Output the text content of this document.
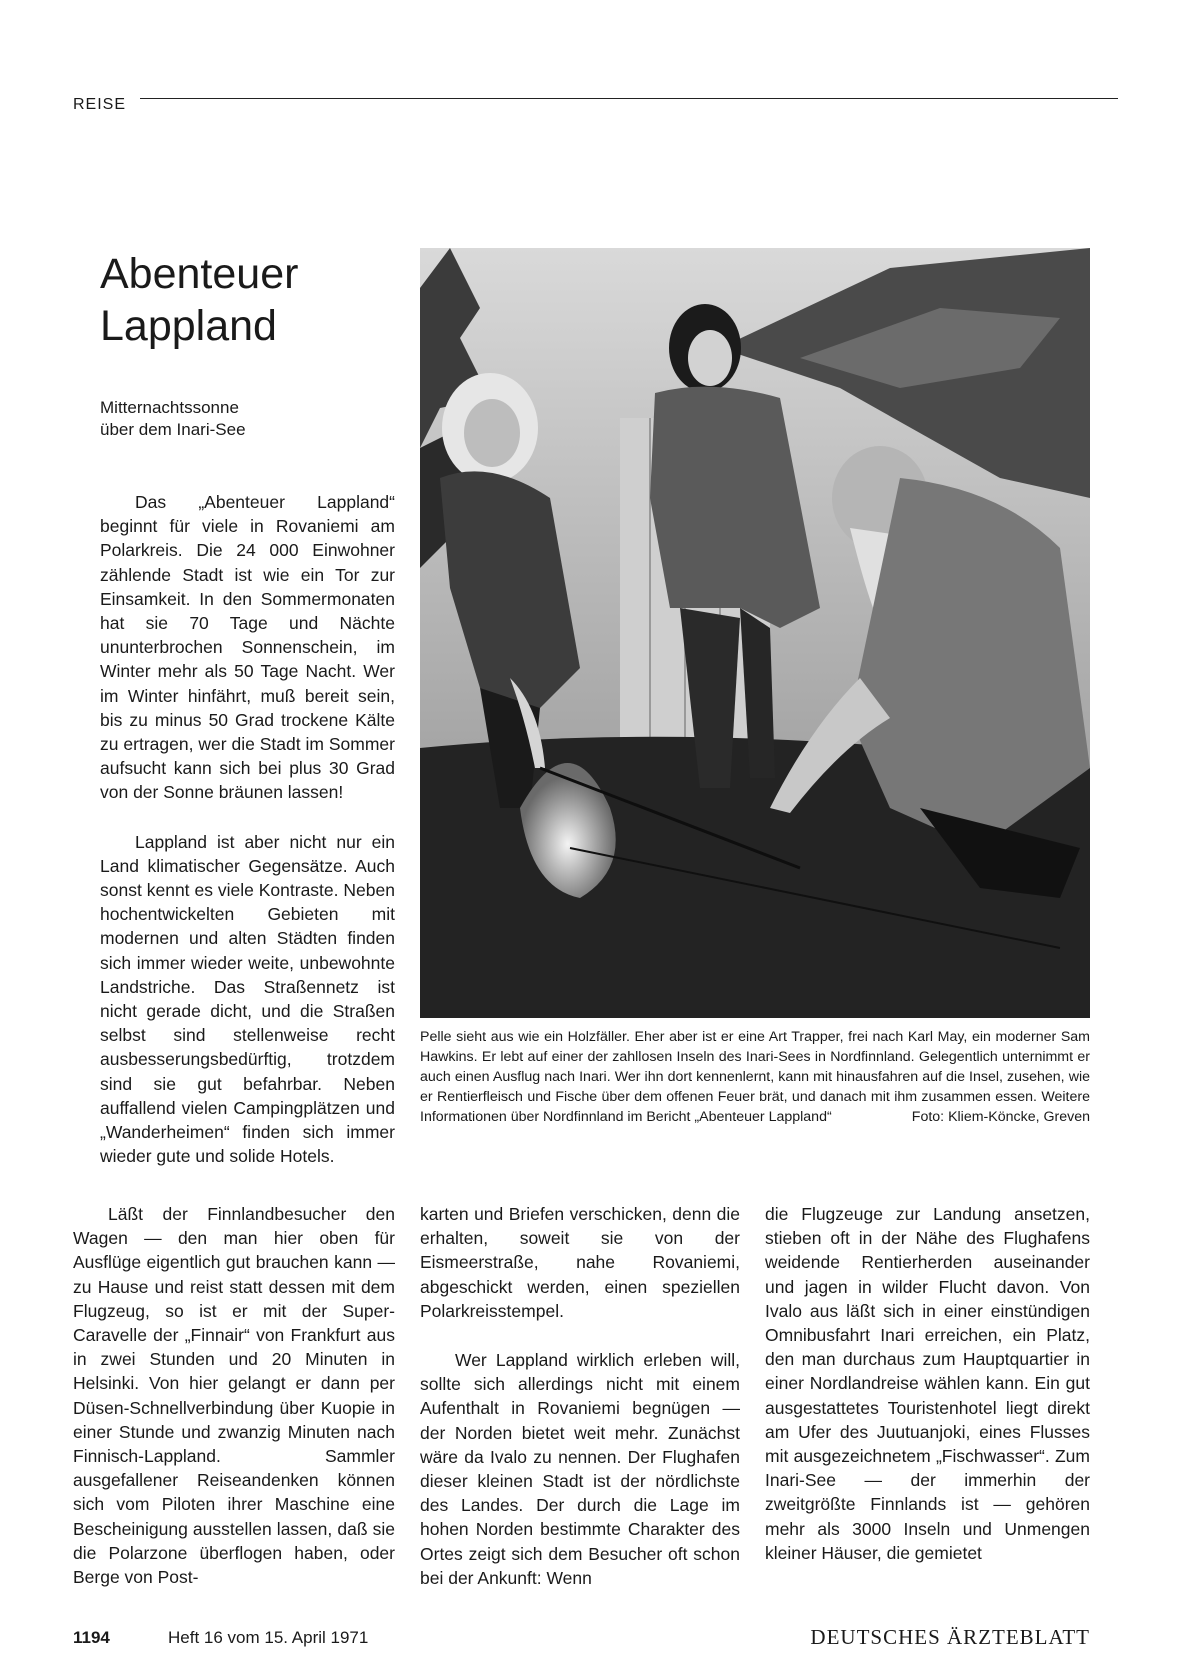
REISE
Abenteuer
Lappland
Mitternachtssonne
über dem Inari-See

Das „Abenteuer Lappland“ beginnt für viele in Rovaniemi am Polarkreis. Die 24 000 Einwohner zählende Stadt ist wie ein Tor zur Einsamkeit. In den Sommermonaten hat sie 70 Tage und Nächte ununterbrochen Sonnenschein, im Winter mehr als 50 Tage Nacht. Wer im Winter hinfährt, muß bereit sein, bis zu minus 50 Grad trockene Kälte zu ertragen, wer die Stadt im Sommer aufsucht kann sich bei plus 30 Grad von der Sonne bräunen lassen!

Lappland ist aber nicht nur ein Land klimatischer Gegensätze. Auch sonst kennt es viele Kontraste. Neben hochentwickelten Gebieten mit modernen und alten Städten finden sich immer wieder weite, unbewohnte Landstriche. Das Straßennetz ist nicht gerade dicht, und die Straßen selbst sind stellenweise recht ausbesserungsbedürftig, trotzdem sind sie gut befahrbar. Neben auffallend vielen Campingplätzen und „Wanderheimen“ finden sich immer wieder gute und solide Hotels.

Pelle sieht aus wie ein Holzfäller. Eher aber ist er eine Art Trapper, frei nach Karl May, ein moderner Sam Hawkins. Er lebt auf einer der zahllosen Inseln des Inari-Sees in Nordfinnland. Gelegentlich unternimmt er auch einen Ausflug nach Inari. Wer ihn dort kennenlernt, kann mit hinausfahren auf die Insel, zusehen, wie er Rentierfleisch und Fische über dem offenen Feuer brät, und danach mit ihm zusammen essen. Weitere Informationen über Nordfinnland im Bericht „Abenteuer Lappland“	Foto: Kliem-Köncke, Greven

Läßt der Finnlandbesucher den Wagen — den man hier oben für Ausflüge eigentlich gut brauchen kann — zu Hause und reist statt dessen mit dem Flugzeug, so ist er mit der Super-Caravelle der „Finnair“ von Frankfurt aus in zwei Stunden und 20 Minuten in Helsinki. Von hier gelangt er dann per Düsen-Schnellverbindung über Kuopie in einer Stunde und zwanzig Minuten nach Finnisch-Lappland. Sammler ausgefallener Reiseandenken können sich vom Piloten ihrer Maschine eine Bescheinigung ausstellen lassen, daß sie die Polarzone überflogen haben, oder Berge von Post-

karten und Briefen verschicken, denn die erhalten, soweit sie von der Eismeerstraße, nahe Rovaniemi, abgeschickt werden, einen speziellen Polarkreisstempel.

Wer Lappland wirklich erleben will, sollte sich allerdings nicht mit einem Aufenthalt in Rovaniemi begnügen — der Norden bietet weit mehr. Zunächst wäre da Ivalo zu nennen. Der Flughafen dieser kleinen Stadt ist der nördlichste des Landes. Der durch die Lage im hohen Norden bestimmte Charakter des Ortes zeigt sich dem Besucher oft schon bei der Ankunft: Wenn

die Flugzeuge zur Landung ansetzen, stieben oft in der Nähe des Flughafens weidende Rentierherden auseinander und jagen in wilder Flucht davon. Von Ivalo aus läßt sich in einer einstündigen Omnibusfahrt Inari erreichen, ein Platz, den man durchaus zum Hauptquartier in einer Nordlandreise wählen kann. Ein gut ausgestattetes Touristenhotel liegt direkt am Ufer des Juutuanjoki, eines Flusses mit ausgezeichnetem „Fischwasser“. Zum Inari-See — der immerhin der zweitgrößte Finnlands ist — gehören mehr als 3000 Inseln und Unmengen kleiner Häuser, die gemietet

1194	Heft 16 vom 15. April 1971	DEUTSCHES ÄRZTEBLATT
